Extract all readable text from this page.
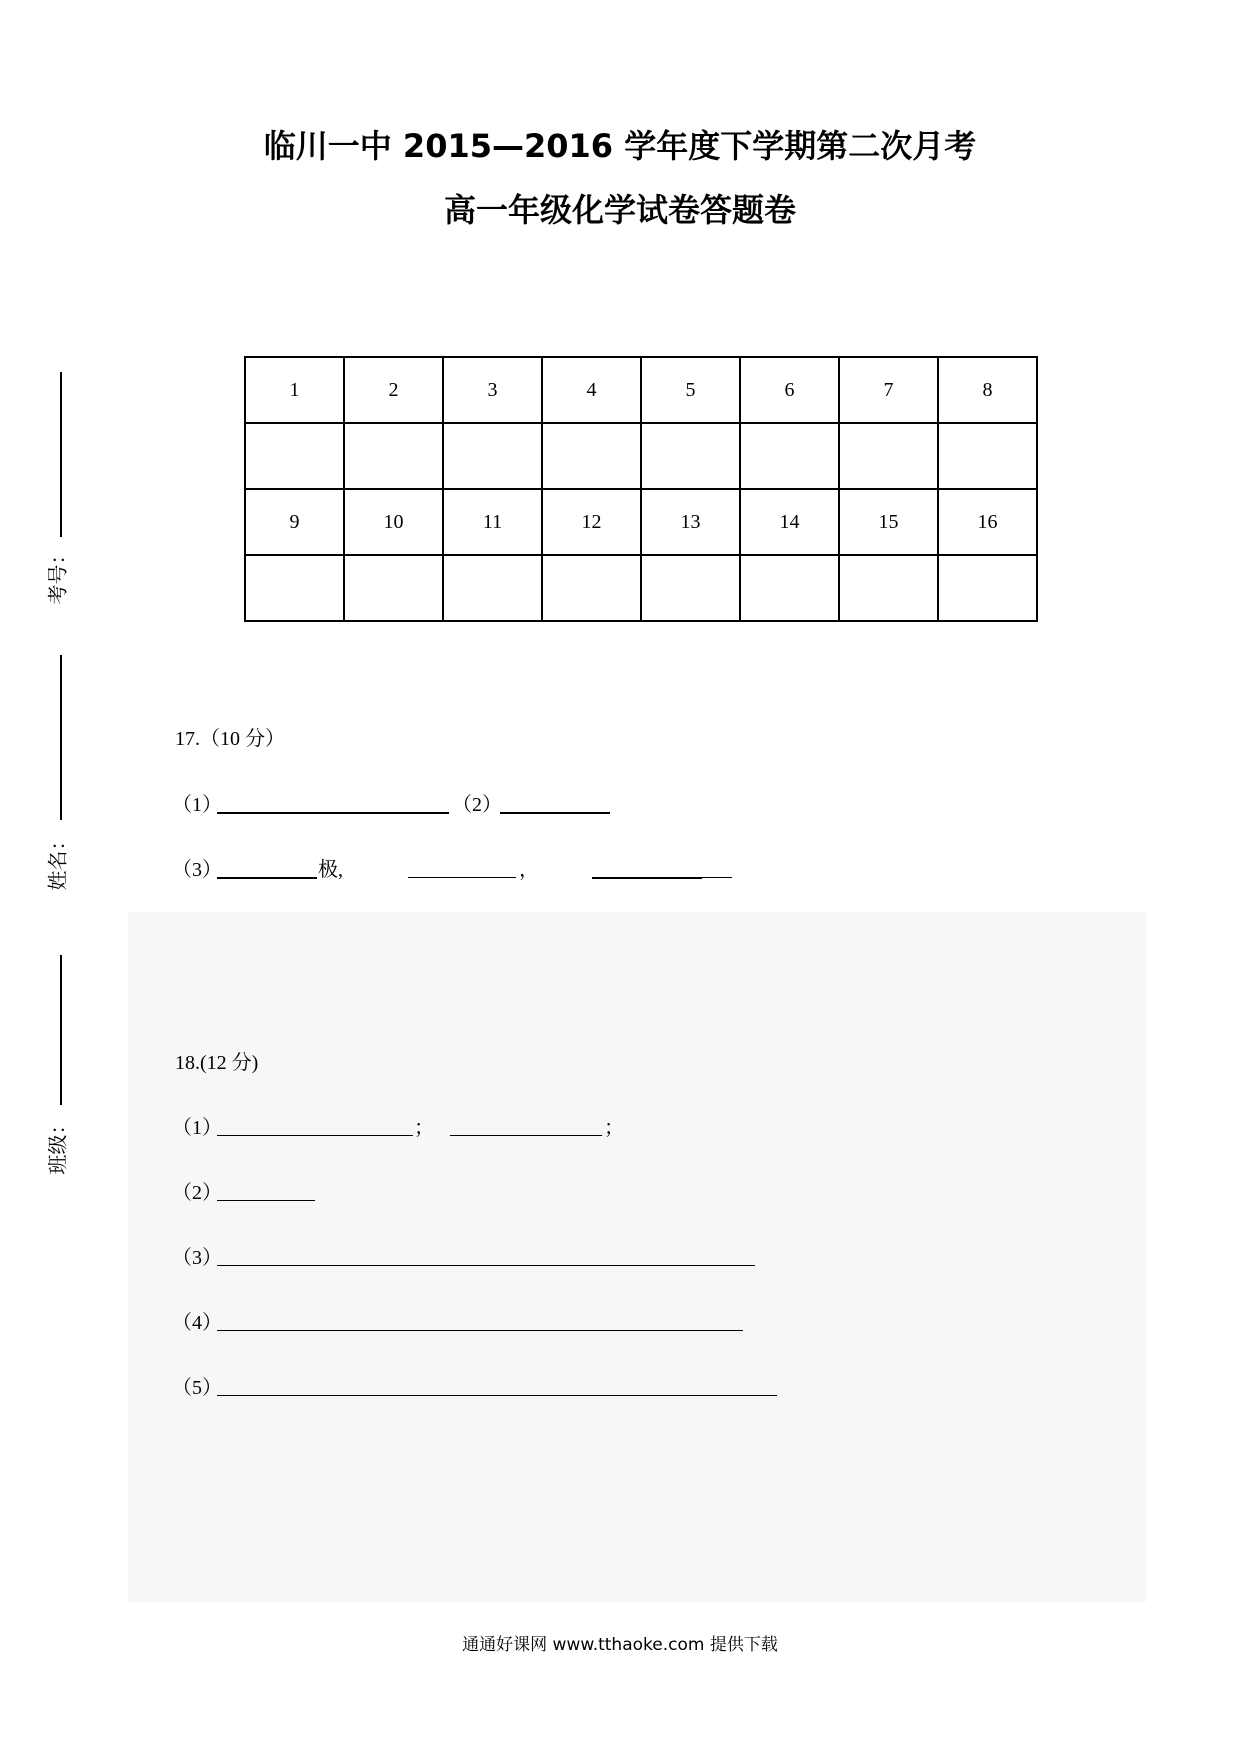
临川一中 2015—2016 学年度下学期第二次月考
高一年级化学试卷答题卷
考号：
姓名：
班级：
1	2	3	4	5	6	7	8

9	10	11	12	13	14	15	16

17.（10 分）
（1）	（2）
（3）	极,	，
18.(12 分)
（1）	；	；
（2）
（3）
（4）
（5）
通通好课网 www.tthaoke.com 提供下载
